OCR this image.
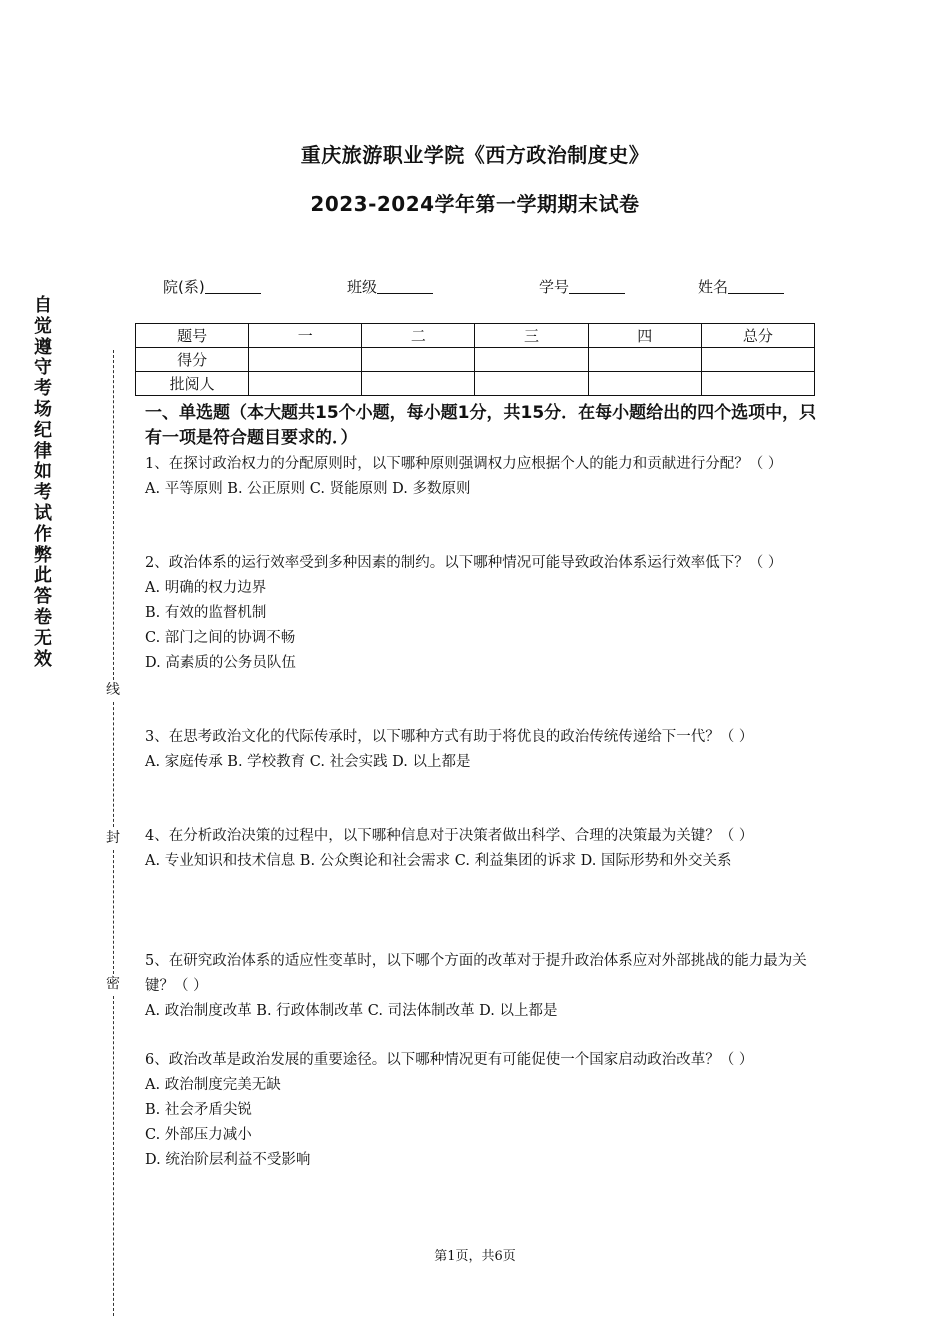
重庆旅游职业学院《西方政治制度史》
2023-2024学年第一学期期末试卷
院(系)	班级	学号	姓名
题号	一	二	三	四	总分
得分					
批阅人					
自觉遵守考场纪律如考试作弊此答卷无效
线
封
密
一、单选题（本大题共15个小题，每小题1分，共15分．在每小题给出的四个选项中，只有一项是符合题目要求的．）
1、在探讨政治权力的分配原则时，以下哪种原则强调权力应根据个人的能力和贡献进行分配？（ ）
A. 平等原则 B. 公正原则 C. 贤能原则 D. 多数原则
2、政治体系的运行效率受到多种因素的制约。以下哪种情况可能导致政治体系运行效率低下？（ ）
A. 明确的权力边界
B. 有效的监督机制
C. 部门之间的协调不畅
D. 高素质的公务员队伍
3、在思考政治文化的代际传承时，以下哪种方式有助于将优良的政治传统传递给下一代？（ ）
A. 家庭传承 B. 学校教育 C. 社会实践 D. 以上都是
4、在分析政治决策的过程中，以下哪种信息对于决策者做出科学、合理的决策最为关键？（ ）
A. 专业知识和技术信息 B. 公众舆论和社会需求 C. 利益集团的诉求 D. 国际形势和外交关系
5、在研究政治体系的适应性变革时，以下哪个方面的改革对于提升政治体系应对外部挑战的能力最为关键？（ ）
A. 政治制度改革 B. 行政体制改革 C. 司法体制改革 D. 以上都是
6、政治改革是政治发展的重要途径。以下哪种情况更有可能促使一个国家启动政治改革？（ ）
A. 政治制度完美无缺
B. 社会矛盾尖锐
C. 外部压力减小
D. 统治阶层利益不受影响
第1页，共6页
